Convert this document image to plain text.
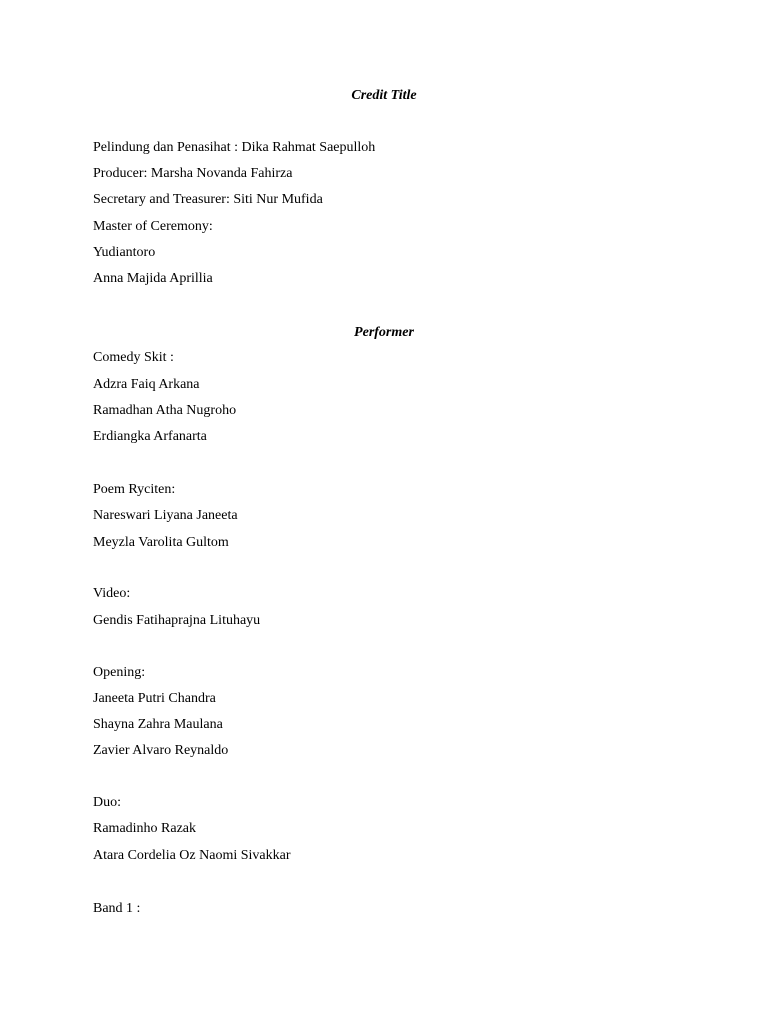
Credit Title
Pelindung dan Penasihat : Dika Rahmat Saepulloh
Producer: Marsha Novanda Fahirza
Secretary and Treasurer: Siti Nur Mufida
Master of Ceremony:
Yudiantoro
Anna Majida Aprillia
Performer
Comedy Skit :
Adzra Faiq Arkana
Ramadhan Atha Nugroho
Erdiangka Arfanarta
Poem Ryciten:
Nareswari Liyana Janeeta
Meyzla Varolita Gultom
Video:
Gendis Fatihaprajna Lituhayu
Opening:
Janeeta Putri Chandra
Shayna Zahra Maulana
Zavier Alvaro Reynaldo
Duo:
Ramadinho Razak
Atara Cordelia Oz Naomi Sivakkar
Band 1 :
